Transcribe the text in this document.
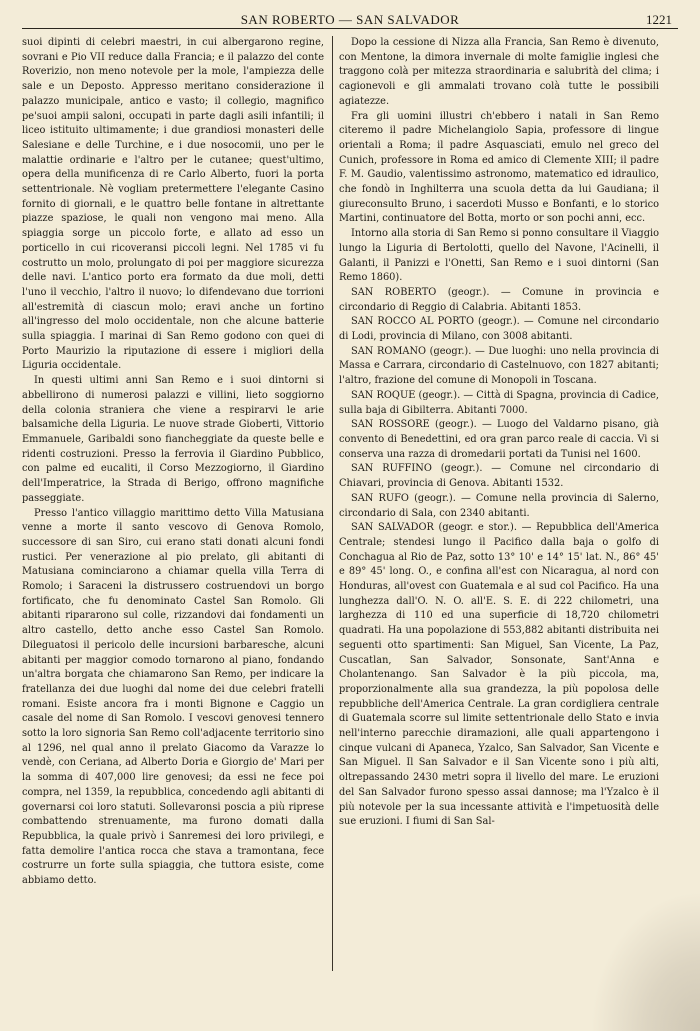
SAN ROBERTO — SAN SALVADOR	1221

suoi dipinti di celebri maestri, in cui albergarono regine, sovrani e Pio VII reduce dalla Francia; e il palazzo del conte Roverizio, non meno notevole per la mole, l'ampiezza delle sale e un Deposto. Appresso meritano considerazione il palazzo municipale, antico e vasto; il collegio, magnifico pe'suoi ampii saloni, occupati in parte dagli asili infantili; il liceo istituito ultimamente; i due grandiosi monasteri delle Salesiane e delle Turchine, e i due nosocomii, uno per le malattie ordinarie e l'altro per le cutanee; quest'ultimo, opera della munificenza di re Carlo Alberto, fuori la porta settentrionale. Nè vogliam pretermettere l'elegante Casino fornito di giornali, e le quattro belle fontane in altrettante piazze spaziose, le quali non vengono mai meno. Alla spiaggia sorge un piccolo forte, e allato ad esso un porticello in cui ricoveransi piccoli legni. Nel 1785 vi fu costrutto un molo, prolungato di poi per maggiore sicurezza delle navi. L'antico porto era formato da due moli, detti l'uno il vecchio, l'altro il nuovo; lo difendevano due torrioni all'estremità di ciascun molo; eravi anche un fortino all'ingresso del molo occidentale, non che alcune batterie sulla spiaggia. I marinai di San Remo godono con quei di Porto Maurizio la riputazione di essere i migliori della Liguria occidentale.

In questi ultimi anni San Remo e i suoi dintorni si abbellirono di numerosi palazzi e villini, lieto soggiorno della colonia straniera che viene a respirarvi le arie balsamiche della Liguria. Le nuove strade Gioberti, Vittorio Emmanuele, Garibaldi sono fiancheggiate da queste belle e ridenti costruzioni. Presso la ferrovia il Giardino Pubblico, con palme ed eucaliti, il Corso Mezzogiorno, il Giardino dell'Imperatrice, la Strada di Berigo, offrono magnifiche passeggiate.

Presso l'antico villaggio marittimo detto Villa Matusiana venne a morte il santo vescovo di Genova Romolo, successore di san Siro, cui erano stati donati alcuni fondi rustici. Per venerazione al pio prelato, gli abitanti di Matusiana cominciarono a chiamar quella villa Terra di Romolo; i Saraceni la distrussero costruendovi un borgo fortificato, che fu denominato Castel San Romolo. Gli abitanti ripararono sul colle, rizzandovi dai fondamenti un altro castello, detto anche esso Castel San Romolo. Dileguatosi il pericolo delle incursioni barbaresche, alcuni abitanti per maggior comodo tornarono al piano, fondando un'altra borgata che chiamarono San Remo, per indicare la fratellanza dei due luoghi dal nome dei due celebri fratelli romani. Esiste ancora fra i monti Bignone e Caggio un casale del nome di San Romolo. I vescovi genovesi tennero sotto la loro signoria San Remo coll'adjacente territorio sino al 1296, nel qual anno il prelato Giacomo da Varazze lo vendè, con Ceriana, ad Alberto Doria e Giorgio de' Mari per la somma di 407,000 lire genovesi; da essi ne fece poi compra, nel 1359, la repubblica, concedendo agli abitanti di governarsi coi loro statuti. Sollevaronsi poscia a più riprese combattendo strenuamente, ma furono domati dalla Repubblica, la quale privò i Sanremesi dei loro privilegi, e fatta demolire l'antica rocca che stava a tramontana, fece costrurre un forte sulla spiaggia, che tuttora esiste, come abbiamo detto.

Dopo la cessione di Nizza alla Francia, San Remo è divenuto, con Mentone, la dimora invernale di molte famiglie inglesi che traggono colà per mitezza straordinaria e salubrità del clima; i cagionevoli e gli ammalati trovano colà tutte le possibili agiatezze.

Fra gli uomini illustri ch'ebbero i natali in San Remo citeremo il padre Michelangiolo Sapia, professore di lingue orientali a Roma; il padre Asquasciati, emulo nel greco del Cunich, professore in Roma ed amico di Clemente XIII; il padre F. M. Gaudio, valentissimo astronomo, matematico ed idraulico, che fondò in Inghilterra una scuola detta da lui Gaudiana; il giureconsulto Bruno, i sacerdoti Musso e Bonfanti, e lo storico Martini, continuatore del Botta, morto or son pochi anni, ecc.

Intorno alla storia di San Remo si ponno consultare il Viaggio lungo la Liguria di Bertolotti, quello del Navone, l'Acinelli, il Galanti, il Panizzi e l'Onetti, San Remo e i suoi dintorni (San Remo 1860).

SAN ROBERTO (geogr.). — Comune in provincia e circondario di Reggio di Calabria. Abitanti 1853.

SAN ROCCO AL PORTO (geogr.). — Comune nel circondario di Lodi, provincia di Milano, con 3008 abitanti.

SAN ROMANO (geogr.). — Due luoghi: uno nella provincia di Massa e Carrara, circondario di Castelnuovo, con 1827 abitanti; l'altro, frazione del comune di Monopoli in Toscana.

SAN ROQUE (geogr.). — Città di Spagna, provincia di Cadice, sulla baja di Gibilterra. Abitanti 7000.

SAN ROSSORE (geogr.). — Luogo del Valdarno pisano, già convento di Benedettini, ed ora gran parco reale di caccia. Vi si conserva una razza di dromedarii portati da Tunisi nel 1600.

SAN RUFFINO (geogr.). — Comune nel circondario di Chiavari, provincia di Genova. Abitanti 1532.

SAN RUFO (geogr.). — Comune nella provincia di Salerno, circondario di Sala, con 2340 abitanti.

SAN SALVADOR (geogr. e stor.). — Repubblica dell'America Centrale; stendesi lungo il Pacifico dalla baja o golfo di Conchagua al Rio de Paz, sotto 13° 10' e 14° 15' lat. N., 86° 45' e 89° 45' long. O., e confina all'est con Nicaragua, al nord con Honduras, all'ovest con Guatemala e al sud col Pacifico. Ha una lunghezza dall'O. N. O. all'E. S. E. di 222 chilometri, una larghezza di 110 ed una superficie di 18,720 chilometri quadrati. Ha una popolazione di 553,882 abitanti distribuita nei seguenti otto spartimenti: San Miguel, San Vicente, La Paz, Cuscatlan, San Salvador, Sonsonate, Sant'Anna e Cholantenango. San Salvador è la più piccola, ma, proporzionalmente alla sua grandezza, la più popolosa delle repubbliche dell'America Centrale. La gran cordigliera centrale di Guatemala scorre sul limite settentrionale dello Stato e invia nell'interno parecchie diramazioni, alle quali appartengono i cinque vulcani di Apaneca, Yzalco, San Salvador, San Vicente e San Miguel. Il San Salvador e il San Vicente sono i più alti, oltrepassando 2430 metri sopra il livello del mare. Le eruzioni del San Salvador furono spesso assai dannose; ma l'Yzalco è il più notevole per la sua incessante attività e l'impetuosità delle sue eruzioni. I fiumi di San Sal-
